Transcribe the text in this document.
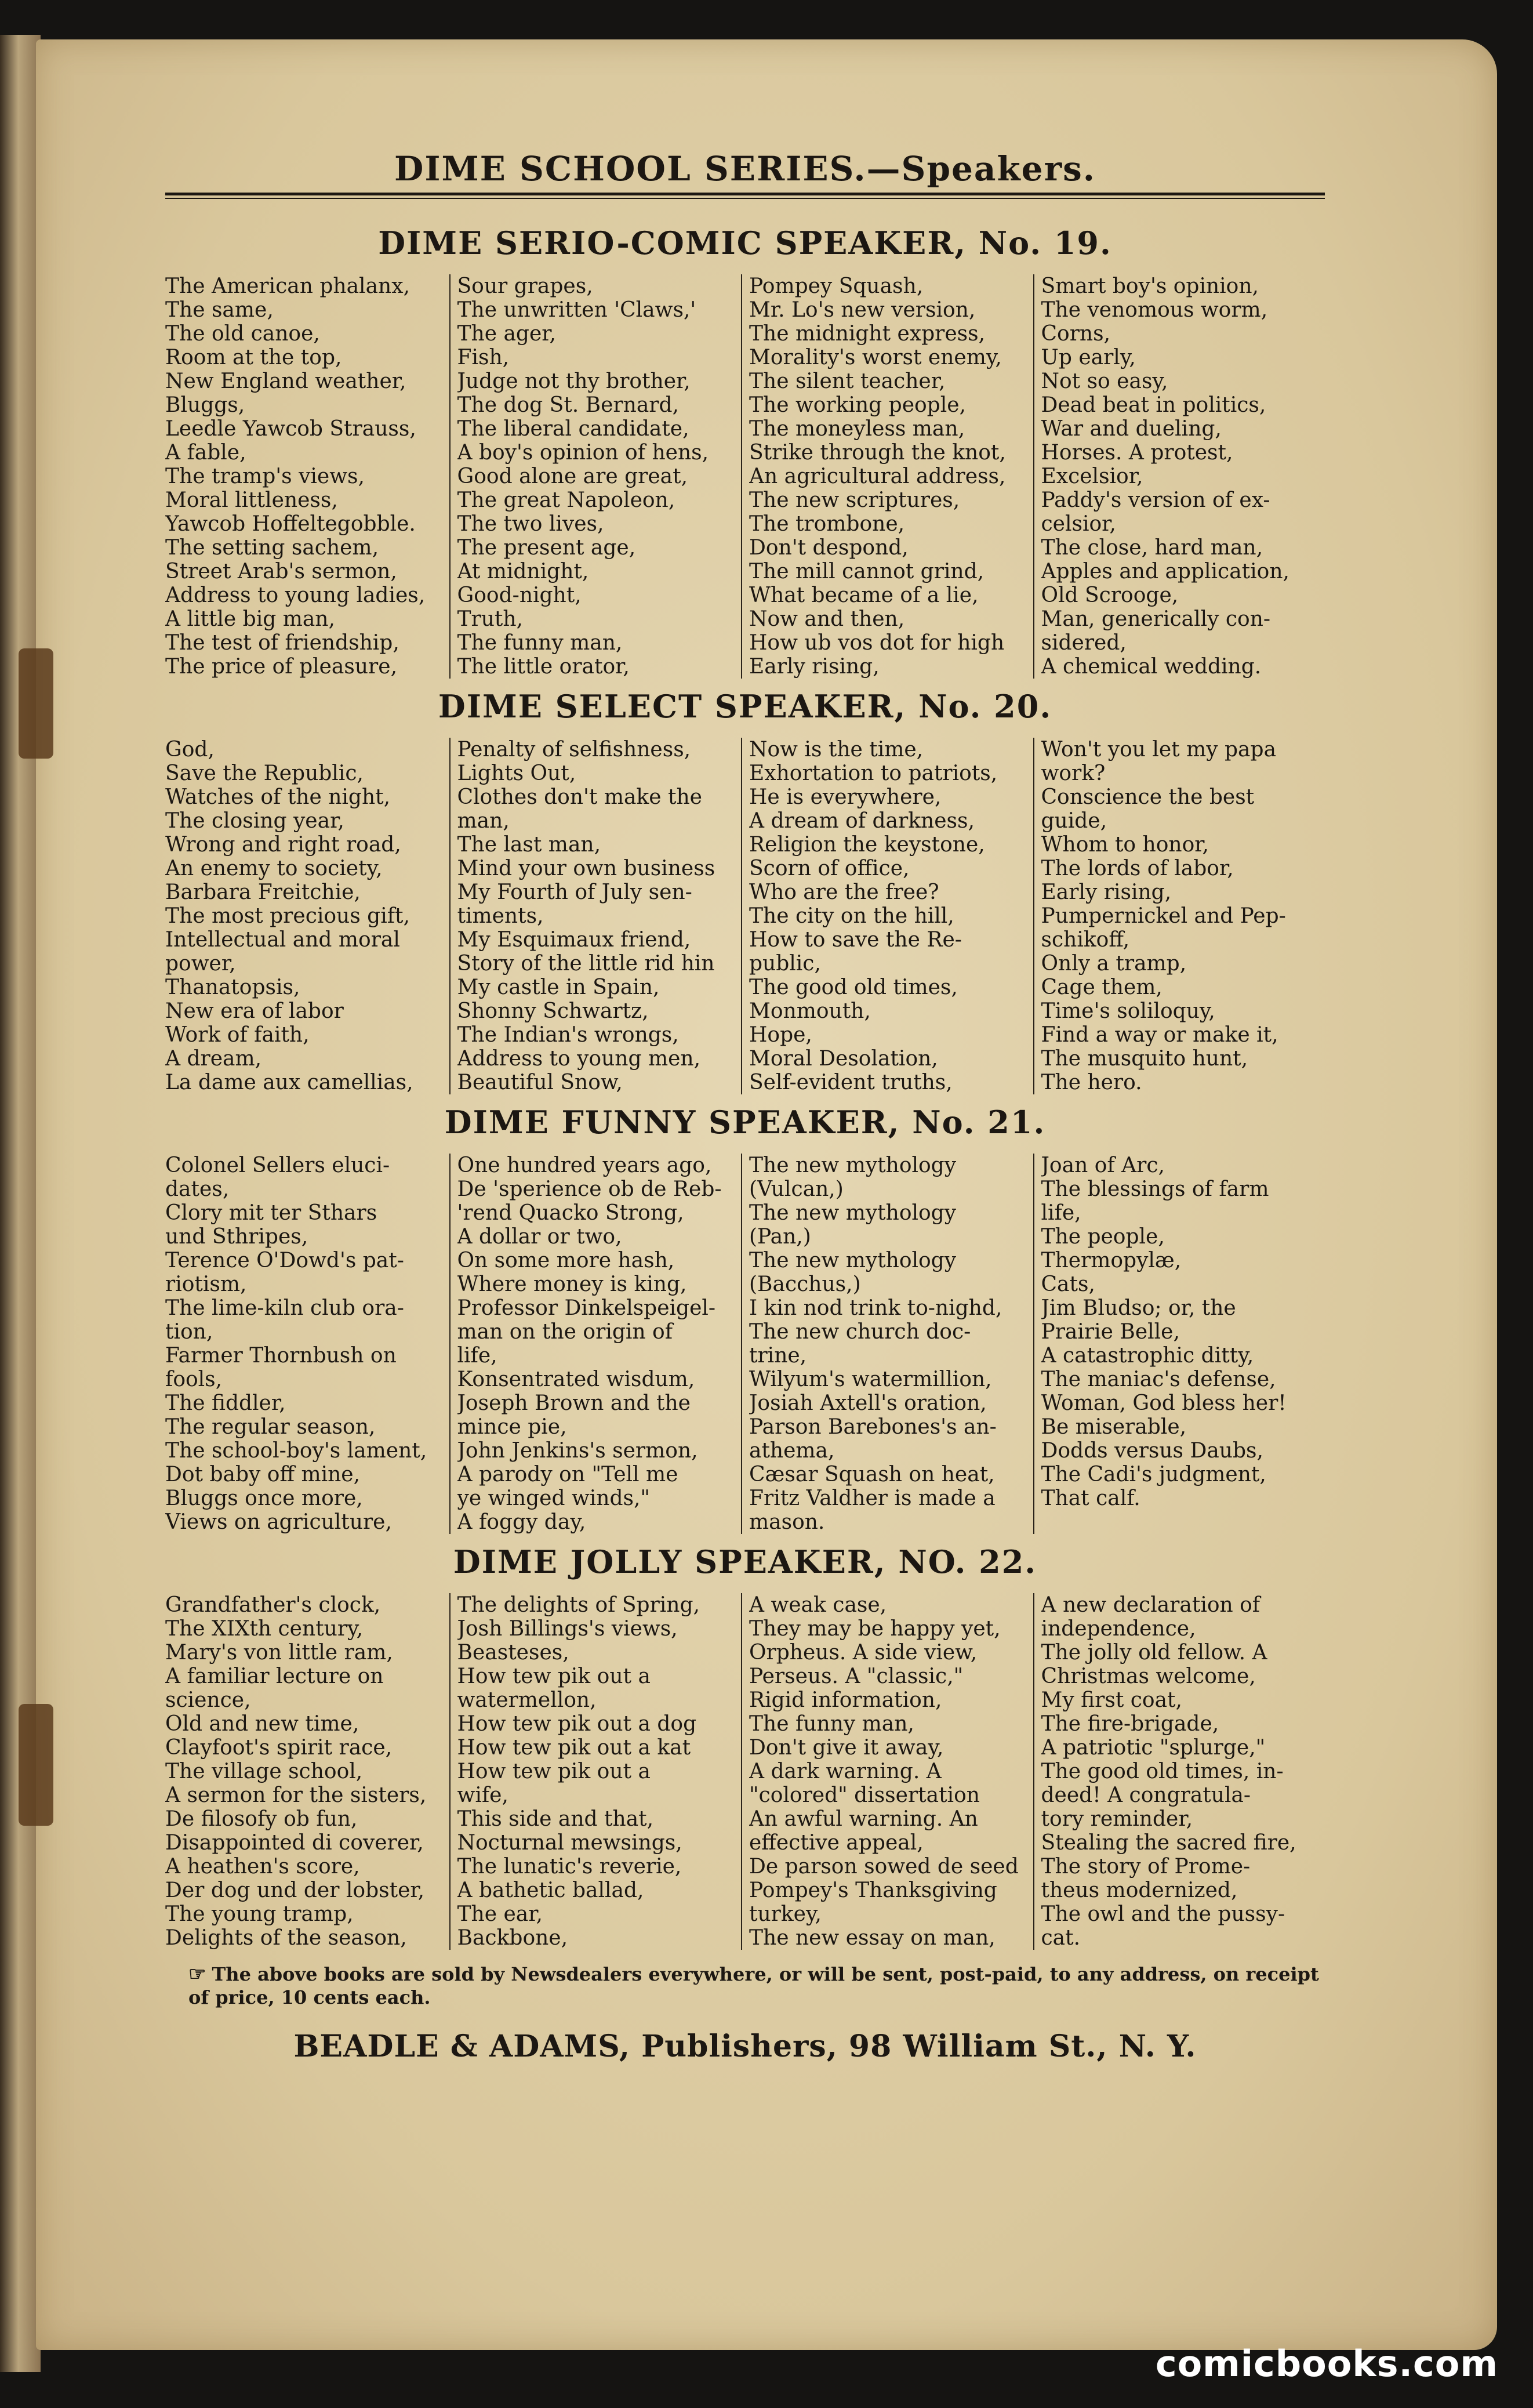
DIME SCHOOL SERIES.—Speakers.
DIME SERIO-COMIC SPEAKER, No. 19.
The American phalanx,
The same,
The old canoe,
Room at the top,
New England weather,
Bluggs,
Leedle Yawcob Strauss,
A fable,
The tramp's views,
Moral littleness,
Yawcob Hoffeltegobble.
The setting sachem,
Street Arab's sermon,
Address to young ladies,
A little big man,
The test of friendship,
The price of pleasure,
Sour grapes,
The unwritten 'Claws,'
The ager,
Fish,
Judge not thy brother,
The dog St. Bernard,
The liberal candidate,
A boy's opinion of hens,
Good alone are great,
The great Napoleon,
The two lives,
The present age,
At midnight,
Good-night,
Truth,
The funny man,
The little orator,
Pompey Squash,
Mr. Lo's new version,
The midnight express,
Morality's worst enemy,
The silent teacher,
The working people,
The moneyless man,
Strike through the knot,
An agricultural address,
The new scriptures,
The trombone,
Don't despond,
The mill cannot grind,
What became of a lie,
Now and then,
How ub vos dot for high
Early rising,
Smart boy's opinion,
The venomous worm,
Corns,
Up early,
Not so easy,
Dead beat in politics,
War and dueling,
Horses. A protest,
Excelsior,
Paddy's version of ex-
celsior,
The close, hard man,
Apples and application,
Old Scrooge,
Man, generically con-
sidered,
A chemical wedding.
DIME SELECT SPEAKER, No. 20.
God,
Save the Republic,
Watches of the night,
The closing year,
Wrong and right road,
An enemy to society,
Barbara Freitchie,
The most precious gift,
Intellectual and moral
power,
Thanatopsis,
New era of labor
Work of faith,
A dream,
La dame aux camellias,
Penalty of selfishness,
Lights Out,
Clothes don't make the
man,
The last man,
Mind your own business
My Fourth of July sen-
timents,
My Esquimaux friend,
Story of the little rid hin
My castle in Spain,
Shonny Schwartz,
The Indian's wrongs,
Address to young men,
Beautiful Snow,
Now is the time,
Exhortation to patriots,
He is everywhere,
A dream of darkness,
Religion the keystone,
Scorn of office,
Who are the free?
The city on the hill,
How to save the Re-
public,
The good old times,
Monmouth,
Hope,
Moral Desolation,
Self-evident truths,
Won't you let my papa
work?
Conscience the best
guide,
Whom to honor,
The lords of labor,
Early rising,
Pumpernickel and Pep-
schikoff,
Only a tramp,
Cage them,
Time's soliloquy,
Find a way or make it,
The musquito hunt,
The hero.
DIME FUNNY SPEAKER, No. 21.
Colonel Sellers eluci-
dates,
Clory mit ter Sthars
und Sthripes,
Terence O'Dowd's pat-
riotism,
The lime-kiln club ora-
tion,
Farmer Thornbush on
fools,
The fiddler,
The regular season,
The school-boy's lament,
Dot baby off mine,
Bluggs once more,
Views on agriculture,
One hundred years ago,
De 'sperience ob de Reb-
'rend Quacko Strong,
A dollar or two,
On some more hash,
Where money is king,
Professor Dinkelspeigel-
man on the origin of
life,
Konsentrated wisdum,
Joseph Brown and the
mince pie,
John Jenkins's sermon,
A parody on "Tell me
ye winged winds,"
A foggy day,
The new mythology
(Vulcan,)
The new mythology
(Pan,)
The new mythology
(Bacchus,)
I kin nod trink to-nighd,
The new church doc-
trine,
Wilyum's watermillion,
Josiah Axtell's oration,
Parson Barebones's an-
athema,
Cæsar Squash on heat,
Fritz Valdher is made a
mason.
Joan of Arc,
The blessings of farm
life,
The people,
Thermopylæ,
Cats,
Jim Bludso; or, the
Prairie Belle,
A catastrophic ditty,
The maniac's defense,
Woman, God bless her!
Be miserable,
Dodds versus Daubs,
The Cadi's judgment,
That calf.
DIME JOLLY SPEAKER, NO. 22.
Grandfather's clock,
The XIXth century,
Mary's von little ram,
A familiar lecture on
science,
Old and new time,
Clayfoot's spirit race,
The village school,
A sermon for the sisters,
De filosofy ob fun,
Disappointed di coverer,
A heathen's score,
Der dog und der lobster,
The young tramp,
Delights of the season,
The delights of Spring,
Josh Billings's views,
Beasteses,
How tew pik out a
watermellon,
How tew pik out a dog
How tew pik out a kat
How tew pik out a
wife,
This side and that,
Nocturnal mewsings,
The lunatic's reverie,
A bathetic ballad,
The ear,
Backbone,
A weak case,
They may be happy yet,
Orpheus. A side view,
Perseus. A "classic,"
Rigid information,
The funny man,
Don't give it away,
A dark warning. A
"colored" dissertation
An awful warning. An
effective appeal,
De parson sowed de seed
Pompey's Thanksgiving
turkey,
The new essay on man,
A new declaration of
independence,
The jolly old fellow. A
Christmas welcome,
My first coat,
The fire-brigade,
A patriotic "splurge,"
The good old times, in-
deed! A congratula-
tory reminder,
Stealing the sacred fire,
The story of Prome-
theus modernized,
The owl and the pussy-
cat.
☞ The above books are sold by Newsdealers everywhere, or will be sent, post-paid, to any address, on receipt of price, 10 cents each.
BEADLE & ADAMS, Publishers, 98 William St., N. Y.
comicbooks.com
